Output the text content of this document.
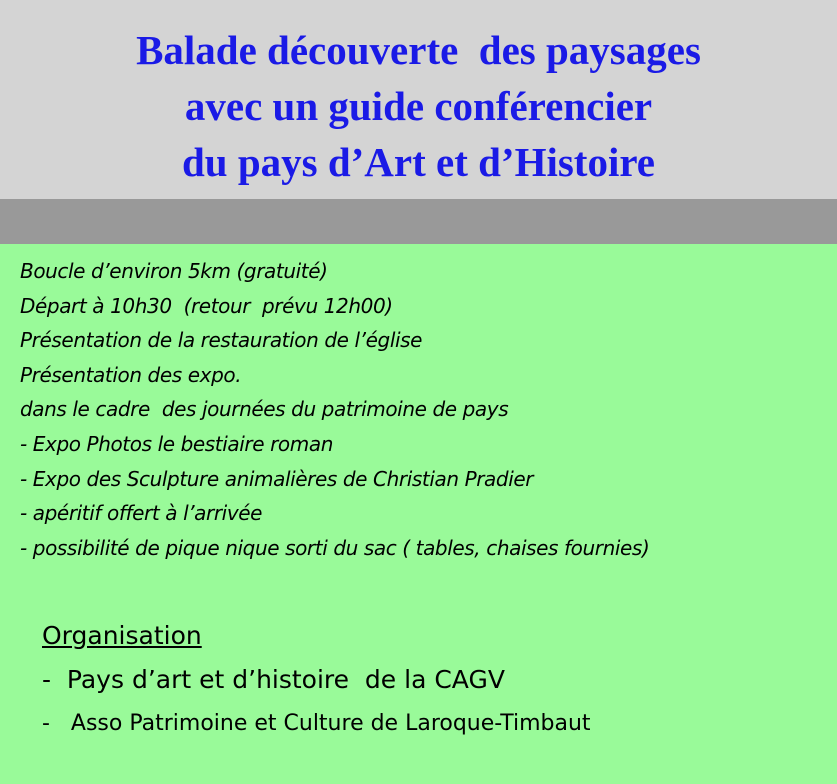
Balade découverte  des paysages
avec un guide conférencier
du pays d’Art et d’Histoire
Boucle d’environ 5km (gratuité)
Départ à 10h30  (retour  prévu 12h00)
Présentation de la restauration de l’église
Présentation des expo.
dans le cadre  des journées du patrimoine de pays
- Expo Photos le bestiaire roman
- Expo des Sculpture animalières de Christian Pradier
- apéritif offert à l’arrivée
- possibilité de pique nique sorti du sac ( tables, chaises fournies)
Organisation
-  Pays d’art et d’histoire  de la CAGV
-   Asso Patrimoine et Culture de Laroque-Timbaut
